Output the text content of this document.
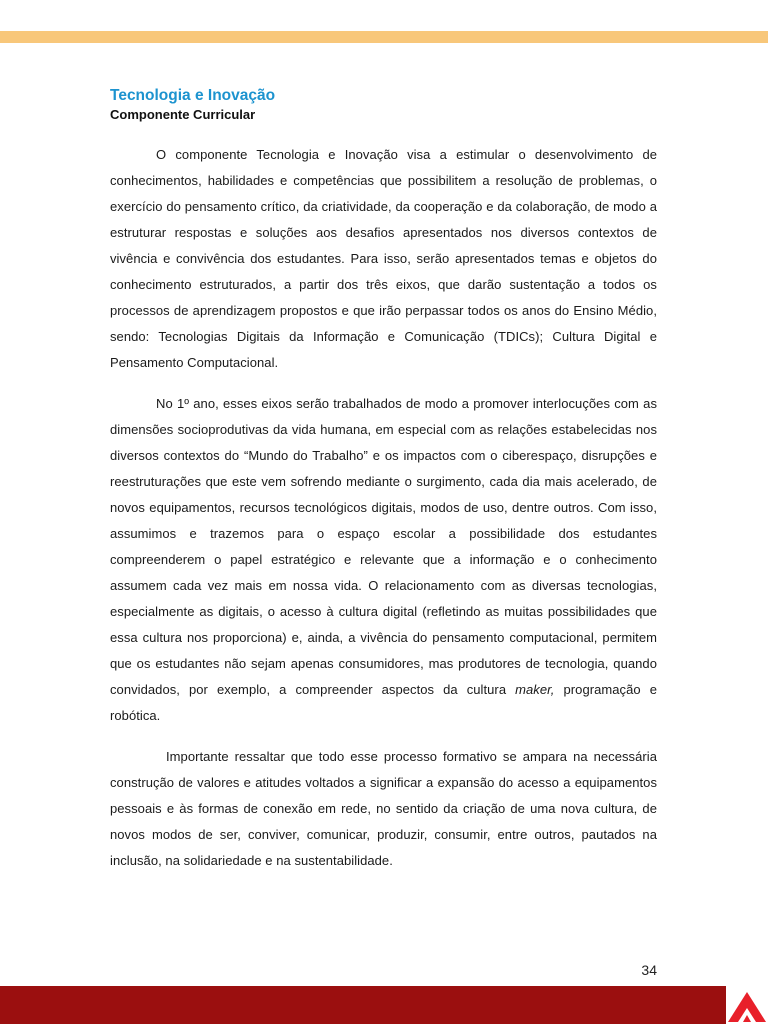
Tecnologia e Inovação
Componente Curricular

O componente Tecnologia e Inovação visa a estimular o desenvolvimento de conhecimentos, habilidades e competências que possibilitem a resolução de problemas, o exercício do pensamento crítico, da criatividade, da cooperação e da colaboração, de modo a estruturar respostas e soluções aos desafios apresentados nos diversos contextos de vivência e convivência dos estudantes. Para isso, serão apresentados temas e objetos do conhecimento estruturados, a partir dos três eixos, que darão sustentação a todos os processos de aprendizagem propostos e que irão perpassar todos os anos do Ensino Médio, sendo: Tecnologias Digitais da Informação e Comunicação (TDICs); Cultura Digital e Pensamento Computacional.

No 1º ano, esses eixos serão trabalhados de modo a promover interlocuções com as dimensões socioprodutivas da vida humana, em especial com as relações estabelecidas nos diversos contextos do “Mundo do Trabalho” e os impactos com o ciberespaço, disrupções e reestruturações que este vem sofrendo mediante o surgimento, cada dia mais acelerado, de novos equipamentos, recursos tecnológicos digitais, modos de uso, dentre outros. Com isso, assumimos e trazemos para o espaço escolar a possibilidade dos estudantes compreenderem o papel estratégico e relevante que a informação e o conhecimento assumem cada vez mais em nossa vida. O relacionamento com as diversas tecnologias, especialmente as digitais, o acesso à cultura digital (refletindo as muitas possibilidades que essa cultura nos proporciona) e, ainda, a vivência do pensamento computacional, permitem que os estudantes não sejam apenas consumidores, mas produtores de tecnologia, quando convidados, por exemplo, a compreender aspectos da cultura maker, programação e robótica.

Importante ressaltar que todo esse processo formativo se ampara na necessária construção de valores e atitudes voltados a significar a expansão do acesso a equipamentos pessoais e às formas de conexão em rede, no sentido da criação de uma nova cultura, de novos modos de ser, conviver, comunicar, produzir, consumir, entre outros, pautados na inclusão, na solidariedade e na sustentabilidade.

34
